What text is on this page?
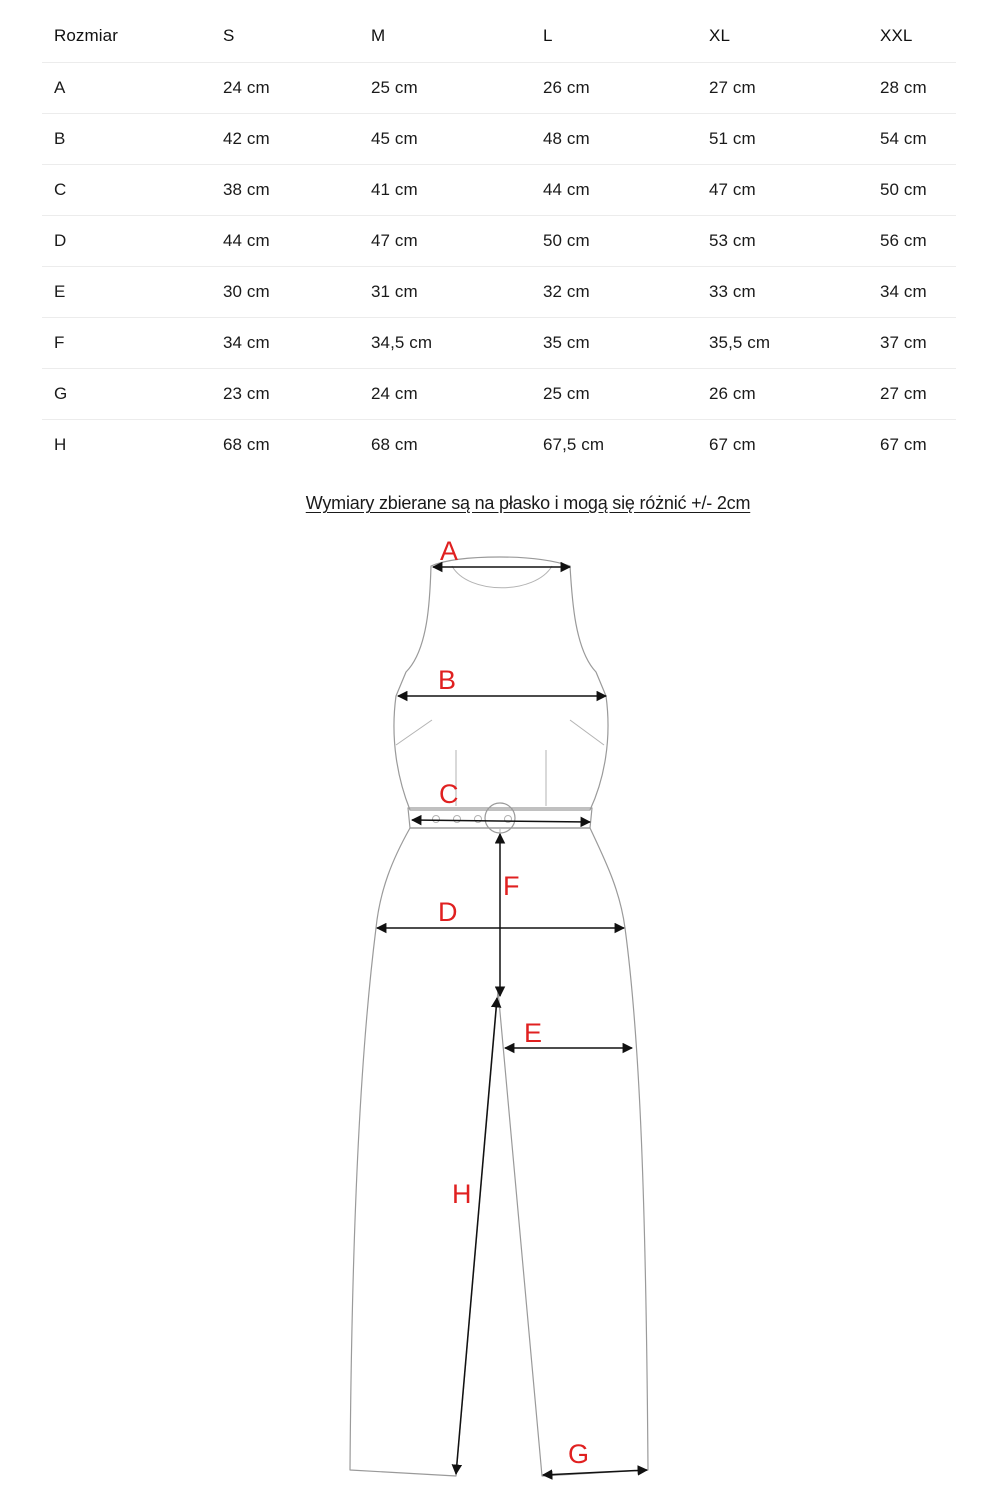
Rozmiar	S	M	L	XL	XXL
A	24 cm	25 cm	26 cm	27 cm	28 cm
B	42 cm	45 cm	48 cm	51 cm	54 cm
C	38 cm	41 cm	44 cm	47 cm	50 cm
D	44 cm	47 cm	50 cm	53 cm	56 cm
E	30 cm	31 cm	32 cm	33 cm	34 cm
F	34 cm	34,5 cm	35 cm	35,5 cm	37 cm
G	23 cm	24 cm	25 cm	26 cm	27 cm
H	68 cm	68 cm	67,5 cm	67 cm	67 cm
Wymiary zbierane są na płasko i mogą się różnić +/- 2cm
A
B
C
D
E
F
G
H
